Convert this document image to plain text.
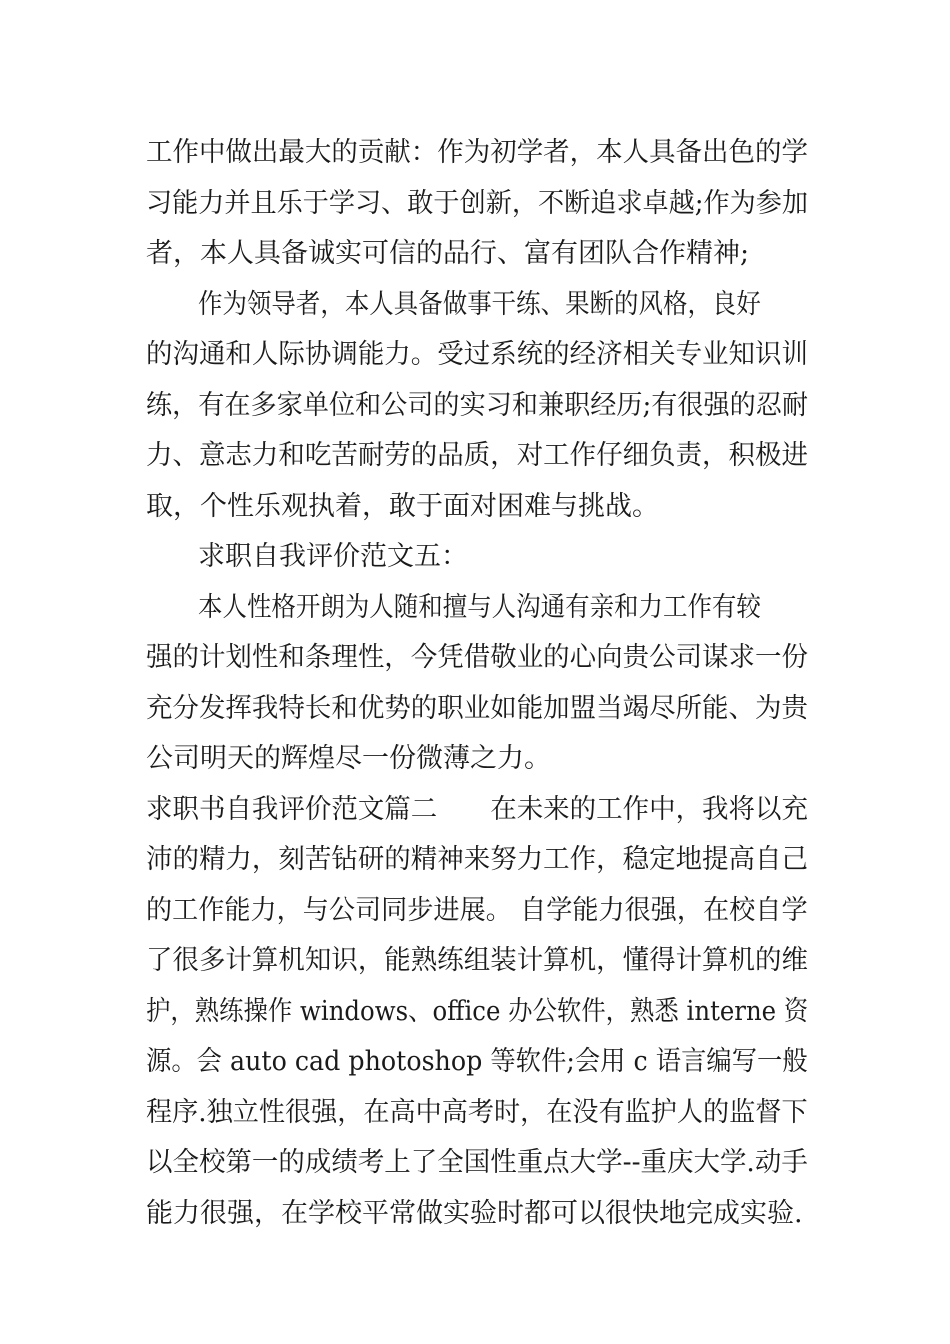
工作中做出最大的贡献：作为初学者，本人具备出色的学
习能力并且乐于学习、敢于创新，不断追求卓越;作为参加
者，本人具备诚实可信的品行、富有团队合作精神;
作为领导者，本人具备做事干练、果断的风格，良好
的沟通和人际协调能力。受过系统的经济相关专业知识训
练，有在多家单位和公司的实习和兼职经历;有很强的忍耐
力、意志力和吃苦耐劳的品质，对工作仔细负责，积极进
取，个性乐观执着，敢于面对困难与挑战。
求职自我评价范文五：
本人性格开朗为人随和擅与人沟通有亲和力工作有较
强的计划性和条理性，今凭借敬业的心向贵公司谋求一份
充分发挥我特长和优势的职业如能加盟当竭尽所能、为贵
公司明天的辉煌尽一份微薄之力。
求职书自我评价范文篇二　　在未来的工作中，我将以充
沛的精力，刻苦钻研的精神来努力工作，稳定地提高自己
的工作能力，与公司同步进展。 自学能力很强，在校自学
了很多计算机知识，能熟练组装计算机，懂得计算机的维
护，熟练操作 windows、office 办公软件，熟悉 interne 资
源。会 auto cad photoshop 等软件;会用 c 语言编写一般
程序.独立性很强，在高中高考时，在没有监护人的监督下
以全校第一的成绩考上了全国性重点大学--重庆大学.动手
能力很强，在学校平常做实验时都可以很快地完成实验.
